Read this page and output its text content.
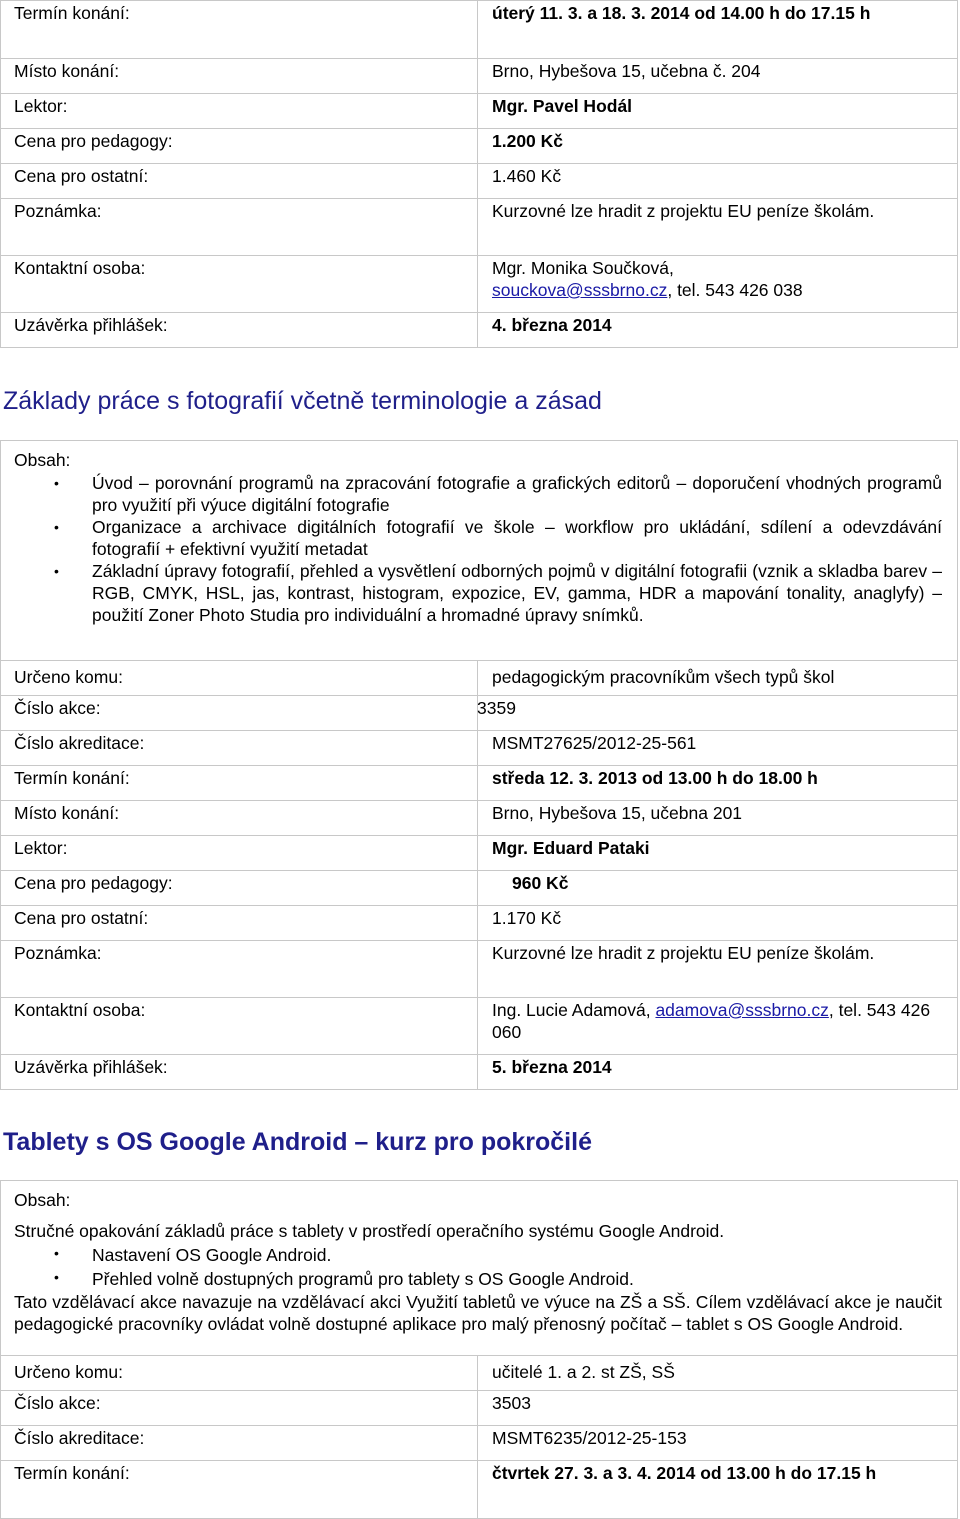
Termín konání:	úterý 11. 3. a 18. 3. 2014 od 14.00 h do 17.15 h
Místo konání:	Brno, Hybešova 15, učebna č. 204
Lektor:	Mgr. Pavel Hodál
Cena pro pedagogy:	1.200 Kč
Cena pro ostatní:	1.460 Kč
Poznámka:	Kurzovné lze hradit z projektu EU peníze školám.
Kontaktní osoba:	Mgr. Monika Součková,
souckova@sssbrno.cz, tel. 543 426 038
Uzávěrka přihlášek:	4. března 2014
Základy práce s fotografií včetně terminologie a zásad
Obsah:
• Úvod – porovnání programů na zpracování fotografie a grafických editorů – doporučení vhodných programů pro využití při výuce digitální fotografie
• Organizace a archivace digitálních fotografií ve škole – workflow pro ukládání, sdílení a odevzdávání fotografií + efektivní využití metadat
• Základní úpravy fotografií, přehled a vysvětlení odborných pojmů v digitální fotografii (vznik a skladba barev – RGB, CMYK, HSL, jas, kontrast, histogram, expozice, EV, gamma, HDR a mapování tonality, anaglyfy) – použití Zoner Photo Studia pro individuální a hromadné úpravy snímků.
Určeno komu:	pedagogickým pracovníkům všech typů škol
Číslo akce: 3359	

Číslo akreditace:	MSMT27625/2012-25-561
Termín konání:	středa 12. 3. 2013 od 13.00 h do 18.00 h
Místo konání:	Brno, Hybešova 15, učebna 201
Lektor:	Mgr. Eduard Pataki
Cena pro pedagogy:	960 Kč
Cena pro ostatní:	1.170 Kč
Poznámka:	Kurzovné lze hradit z projektu EU peníze školám.
Kontaktní osoba:	Ing. Lucie Adamová, adamova@sssbrno.cz, tel. 543 426 060
Uzávěrka přihlášek:	5. března 2014
Tablety s OS Google Android – kurz pro pokročilé
Obsah:

Stručné opakování základů práce s tablety v prostředí operačního systému Google Android.

• Nastavení OS Google Android.
• Přehled volně dostupných programů pro tablety s OS Google Android.

Tato vzdělávací akce navazuje na vzdělávací akci Využití tabletů ve výuce na ZŠ a SŠ. Cílem vzdělávací akce je naučit pedagogické pracovníky ovládat volně dostupné aplikace pro malý přenosný počítač – tablet s OS Google Android.

Určeno komu:	učitelé 1. a 2. st ZŠ, SŠ
Číslo akce:	3503
Číslo akreditace:	MSMT6235/2012-25-153
Termín konání:	čtvrtek 27. 3. a 3. 4. 2014 od 13.00 h do 17.15 h
